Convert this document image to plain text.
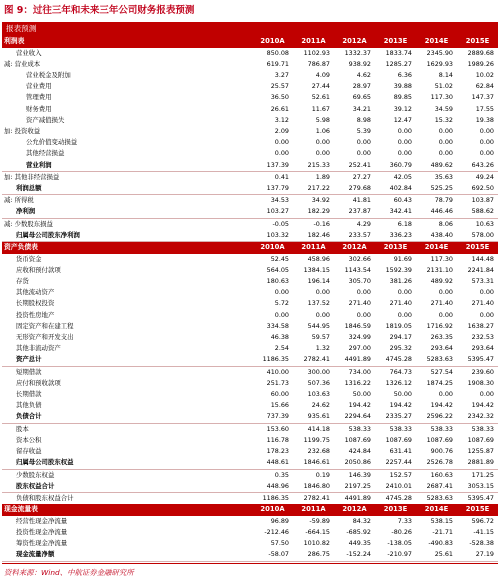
图 9：过往三年和未来三年公司财务报表预测
报表预测
利润表	2010A	2011A	2012A	2013E	2014E	2015E
营业收入	850.08	1102.93	1332.37	1833.74	2345.90	2889.68
减: 营业成本	619.71	786.87	938.92	1285.27	1629.93	1989.26
营业税金及附加	3.27	4.09	4.62	6.36	8.14	10.02
营业费用	25.57	27.44	28.97	39.88	51.02	62.84
管理费用	36.50	52.61	69.65	89.85	117.30	147.37
财务费用	26.61	11.67	34.21	39.12	34.59	17.55
资产减值损失	3.12	5.98	8.98	12.47	15.32	19.38
加: 投资收益	2.09	1.06	5.39	0.00	0.00	0.00
公允价值变动损益	0.00	0.00	0.00	0.00	0.00	0.00
其他经营损益	0.00	0.00	0.00	0.00	0.00	0.00
营业利润	137.39	215.33	252.41	360.79	489.62	643.26
加: 其他非经营损益	0.41	1.89	27.27	42.05	35.63	49.24
利润总额	137.79	217.22	279.68	402.84	525.25	692.50
减: 所得税	34.53	34.92	41.81	60.43	78.79	103.87
净利润	103.27	182.29	237.87	342.41	446.46	588.62
减: 少数股东损益	-0.05	-0.16	4.29	6.18	8.06	10.63
归属母公司股东净利润	103.32	182.46	233.57	336.23	438.40	578.00
资产负债表	2010A	2011A	2012A	2013E	2014E	2015E
货币资金	52.45	458.96	302.66	91.69	117.30	144.48
应收和预付款项	564.05	1384.15	1143.54	1592.39	2131.10	2241.84
存货	180.63	196.14	305.70	381.26	489.92	573.31
其他流动资产	0.00	0.00	0.00	0.00	0.00	0.00
长期股权投资	5.72	137.52	271.40	271.40	271.40	271.40
投资性房地产	0.00	0.00	0.00	0.00	0.00	0.00
固定资产和在建工程	334.58	544.95	1846.59	1819.05	1716.92	1638.27
无形资产和开发支出	46.38	59.57	324.99	294.17	263.35	232.53
其他非流动资产	2.54	1.32	297.00	295.32	293.64	293.64
资产总计	1186.35	2782.41	4491.89	4745.28	5283.63	5395.47
短期借款	410.00	300.00	734.00	764.73	527.54	239.60
应付和预收款项	251.73	507.36	1316.22	1326.12	1874.25	1908.30
长期借款	60.00	103.63	50.00	50.00	0.00	0.00
其他负债	15.66	24.62	194.42	194.42	194.42	194.42
负债合计	737.39	935.61	2294.64	2335.27	2596.22	2342.32
股本	153.60	414.18	538.33	538.33	538.33	538.33
资本公积	116.78	1199.75	1087.69	1087.69	1087.69	1087.69
留存收益	178.23	232.68	424.84	631.41	900.76	1255.87
归属母公司股东权益	448.61	1846.61	2050.86	2257.44	2526.78	2881.89
少数股东权益	0.35	0.19	146.39	152.57	160.63	171.25
股东权益合计	448.96	1846.80	2197.25	2410.01	2687.41	3053.15
负债和股东权益合计	1186.35	2782.41	4491.89	4745.28	5283.63	5395.47
现金流量表	2010A	2011A	2012A	2013E	2014E	2015E
经营性现金净流量	96.89	-59.89	84.32	7.33	538.15	596.72
投资性现金净流量	-212.46	-664.15	-685.92	-80.26	-21.71	-41.15
筹资性现金净流量	57.50	1010.82	449.35	-138.05	-490.83	-528.38
现金流量净额	-58.07	286.75	-152.24	-210.97	25.61	27.19
资料来源：Wind、中航证券金融研究所
